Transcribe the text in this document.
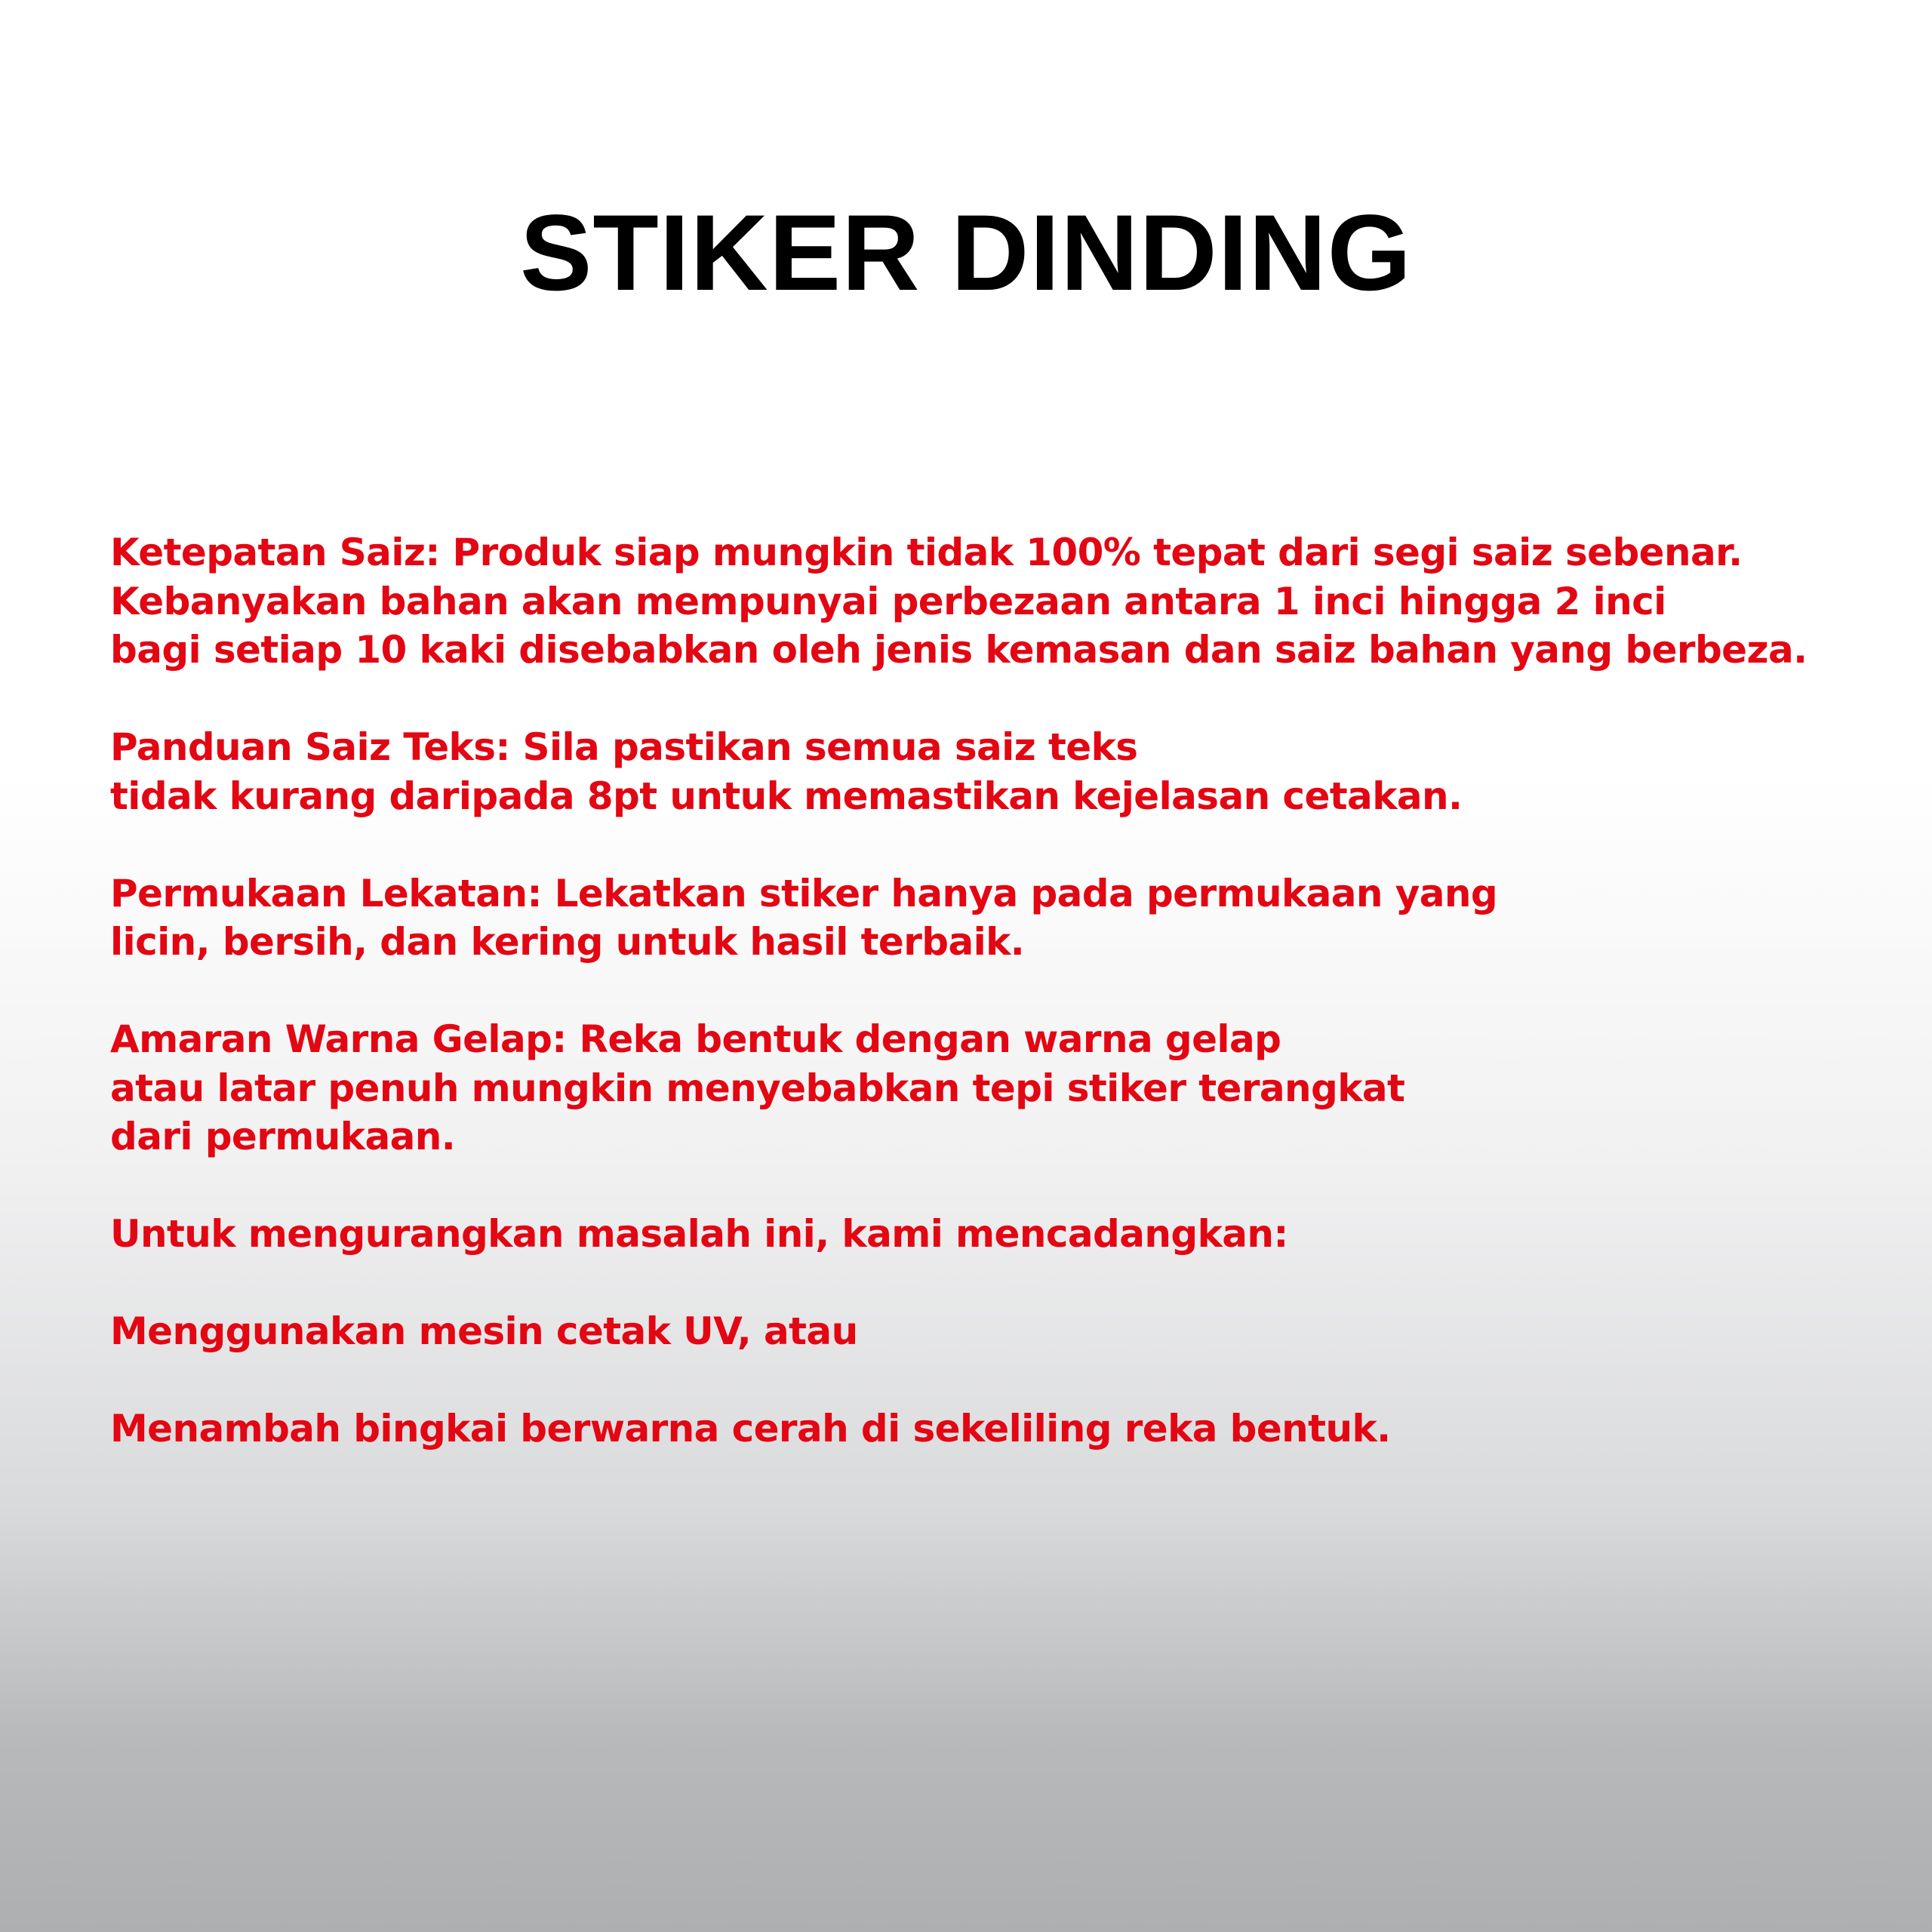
STIKER DINDING

Ketepatan Saiz: Produk siap mungkin tidak 100% tepat dari segi saiz sebenar.
Kebanyakan bahan akan mempunyai perbezaan antara 1 inci hingga 2 inci
bagi setiap 10 kaki disebabkan oleh jenis kemasan dan saiz bahan yang berbeza.

Panduan Saiz Teks: Sila pastikan semua saiz teks
tidak kurang daripada 8pt untuk memastikan kejelasan cetakan.

Permukaan Lekatan: Lekatkan stiker hanya pada permukaan yang
licin, bersih, dan kering untuk hasil terbaik.

Amaran Warna Gelap: Reka bentuk dengan warna gelap
atau latar penuh mungkin menyebabkan tepi stiker terangkat
dari permukaan.

Untuk mengurangkan masalah ini, kami mencadangkan:

Menggunakan mesin cetak UV, atau

Menambah bingkai berwarna cerah di sekeliling reka bentuk.
